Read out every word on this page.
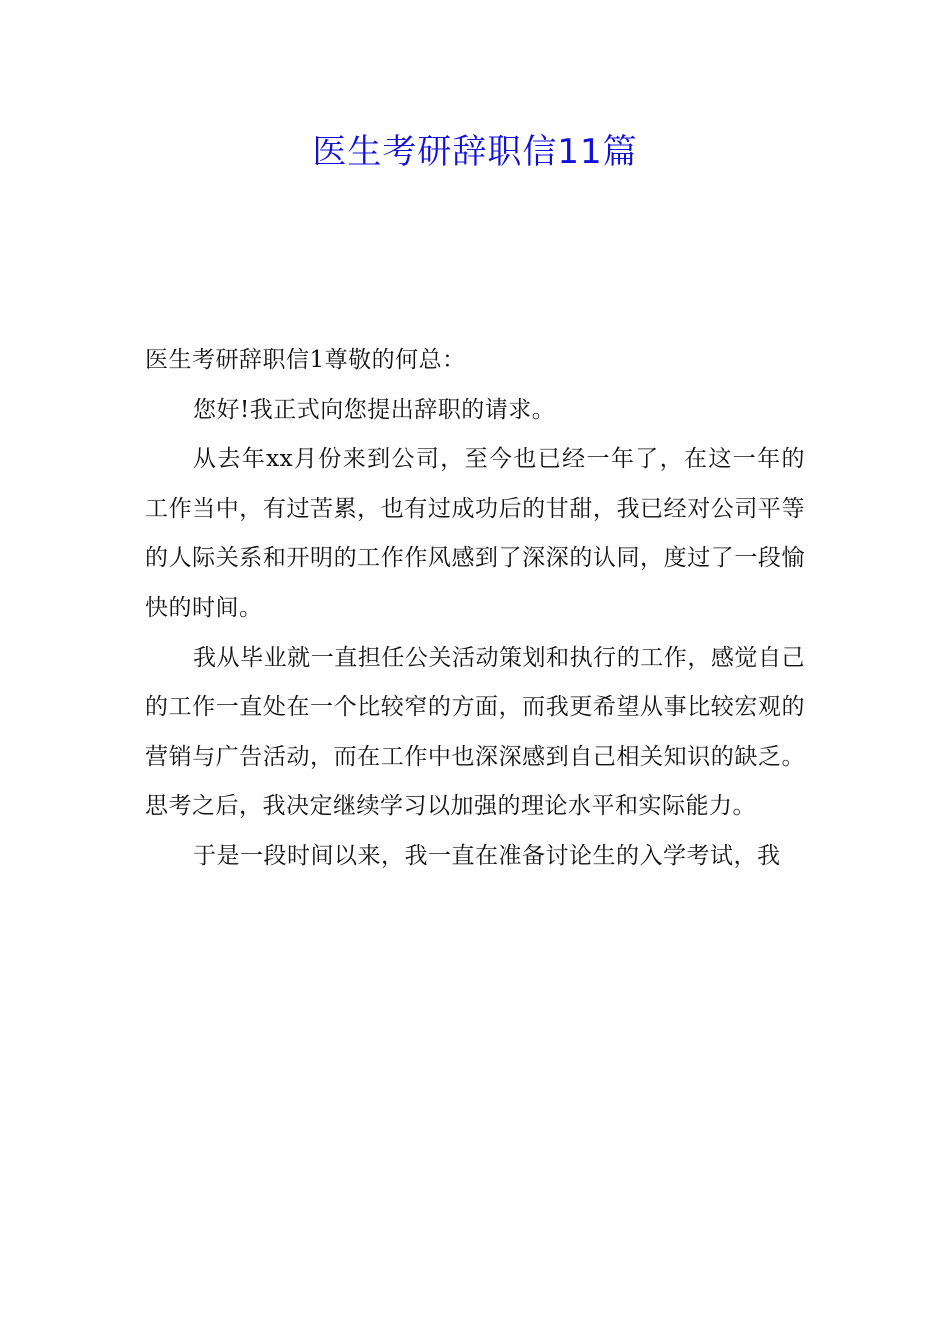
医生考研辞职信11篇

医生考研辞职信1尊敬的何总：

您好!我正式向您提出辞职的请求。

从去年xx月份来到公司，至今也已经一年了，在这一年的工作当中，有过苦累，也有过成功后的甘甜，我已经对公司平等的人际关系和开明的工作作风感到了深深的认同，度过了一段愉快的时间。

我从毕业就一直担任公关活动策划和执行的工作，感觉自己的工作一直处在一个比较窄的方面，而我更希望从事比较宏观的营销与广告活动，而在工作中也深深感到自己相关知识的缺乏。思考之后，我决定继续学习以加强的理论水平和实际能力。

于是一段时间以来，我一直在准备讨论生的入学考试，我
